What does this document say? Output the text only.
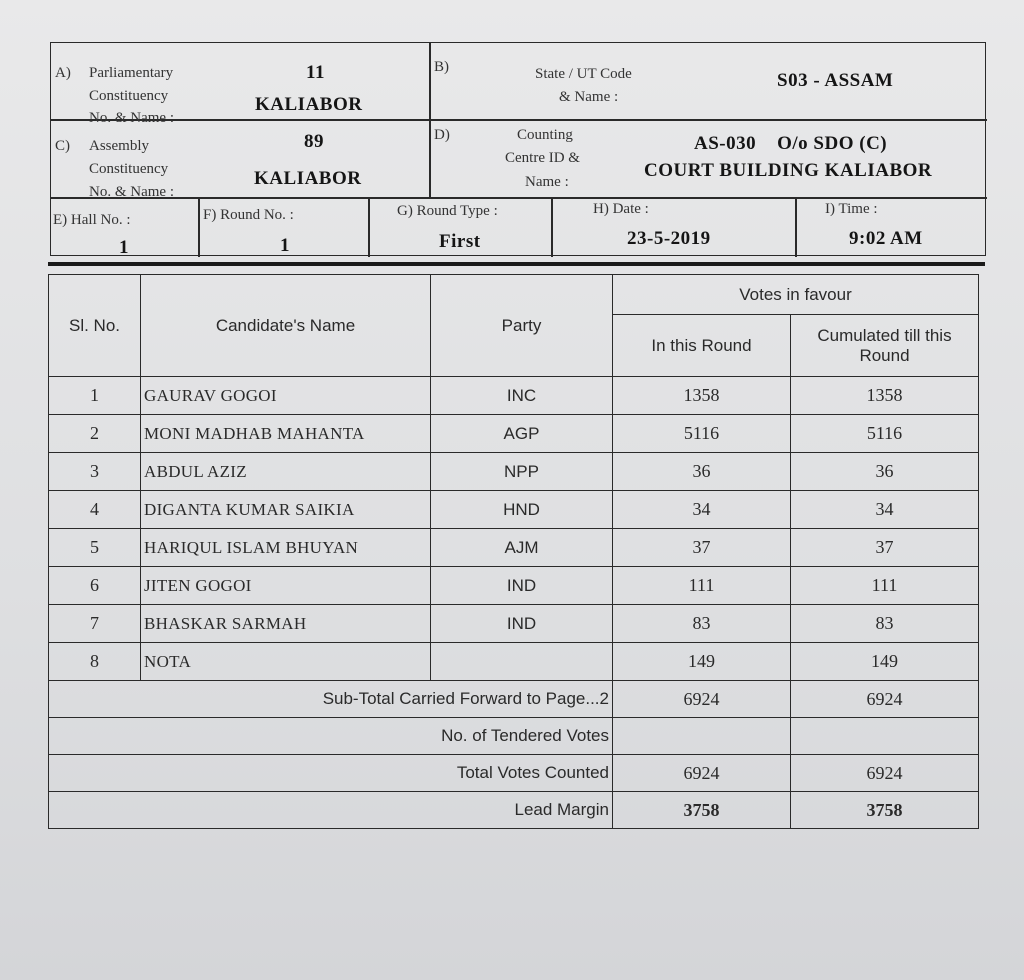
A) Parliamentary
Constituency
No. & Name :
11
KALIABOR
B)	State / UT Code
& Name :
S03 - ASSAM
C) Assembly
Constituency
No. & Name :
89
KALIABOR
D)	Counting
Centre ID &
Name :
AS-030    O/o SDO (C)
COURT BUILDING KALIABOR
E) Hall No. :
1
F) Round No. :
1
G) Round Type :
First
H) Date :
23-5-2019
I) Time :
9:02 AM
Sl. No.	Candidate's Name	Party	Votes in favour	
			In this Round	Cumulated till this
Round

1	GAURAV GOGOI	INC	1358	1358
2	MONI MADHAB MAHANTA	AGP	5116	5116
3	ABDUL AZIZ	NPP	36	36
4	DIGANTA KUMAR SAIKIA	HND	34	34
5	HARIQUL ISLAM BHUYAN	AJM	37	37
6	JITEN GOGOI	IND	111	111
7	BHASKAR SARMAH	IND	83	83
8	NOTA		149	149
Sub-Total Carried Forward to Page...2			6924	6924
No. of Tendered Votes				
Total Votes Counted			6924	6924
Lead Margin			3758	3758
